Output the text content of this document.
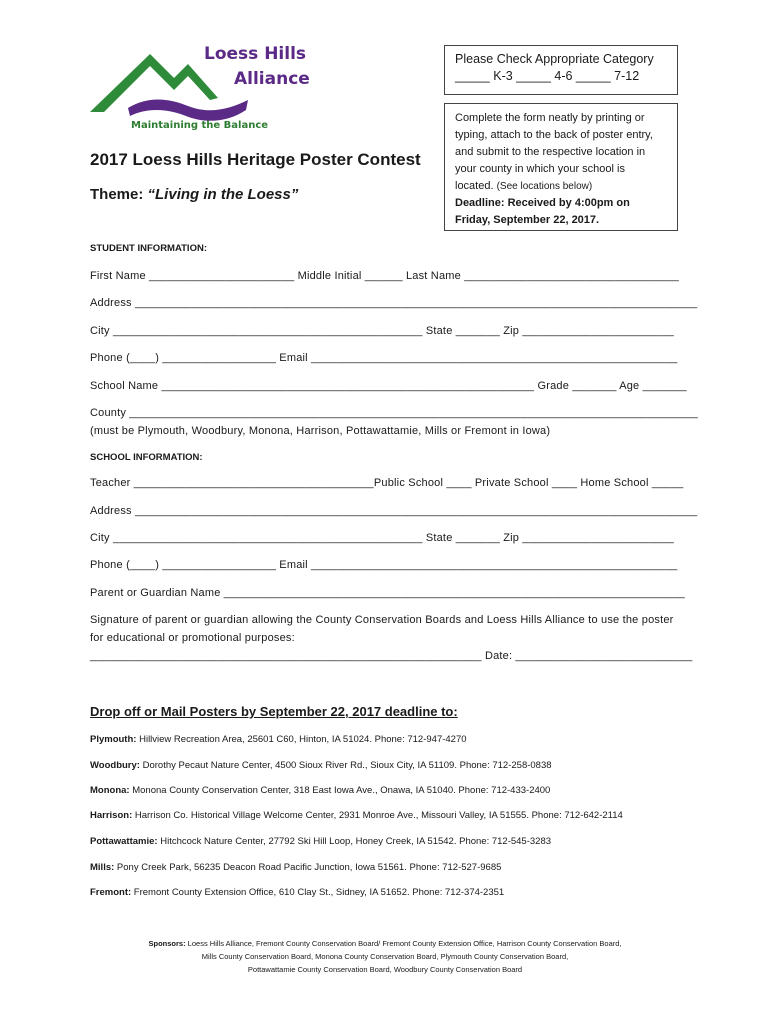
Loess Hills
Alliance
Maintaining the Balance
2017 Loess Hills Heritage Poster Contest
Theme: “Living in the Loess”
Please Check Appropriate Category
_____ K-3 _____ 4-6 _____ 7-12
Complete the form neatly by printing or
typing, attach to the back of poster entry,
and submit to the respective location in
your county in which your school is
located. (See locations below)
Deadline: Received by 4:00pm on
Friday, September 22, 2017.
STUDENT INFORMATION:
First Name _______________________ Middle Initial ______ Last Name __________________________________
Address _________________________________________________________________________________________
City _________________________________________________ State _______ Zip ________________________
Phone (____) __________________ Email __________________________________________________________
School Name ___________________________________________________________ Grade _______ Age _______
County __________________________________________________________________________________________
(must be Plymouth, Woodbury, Monona, Harrison, Pottawattamie, Mills or Fremont in Iowa)
SCHOOL INFORMATION:
Teacher ______________________________________Public School ____ Private School ____ Home School _____
Address _________________________________________________________________________________________
City _________________________________________________ State _______ Zip ________________________
Phone (____) __________________ Email __________________________________________________________
Parent or Guardian Name _________________________________________________________________________
Signature of parent or guardian allowing the County Conservation Boards and Loess Hills Alliance to use the poster
for educational or promotional purposes:
______________________________________________________________ Date: ____________________________
Drop off or Mail Posters by September 22, 2017 deadline to:
Plymouth: Hillview Recreation Area, 25601 C60, Hinton, IA 51024. Phone: 712-947-4270
Woodbury: Dorothy Pecaut Nature Center, 4500 Sioux River Rd., Sioux City, IA 51109. Phone: 712-258-0838
Monona: Monona County Conservation Center, 318 East Iowa Ave., Onawa, IA 51040. Phone: 712-433-2400
Harrison: Harrison Co. Historical Village Welcome Center, 2931 Monroe Ave., Missouri Valley, IA 51555. Phone: 712-642-2114
Pottawattamie: Hitchcock Nature Center, 27792 Ski Hill Loop, Honey Creek, IA 51542. Phone: 712-545-3283
Mills: Pony Creek Park, 56235 Deacon Road Pacific Junction, Iowa 51561. Phone: 712-527-9685
Fremont: Fremont County Extension Office, 610 Clay St., Sidney, IA 51652. Phone: 712-374-2351
Sponsors: Loess Hills Alliance, Fremont County Conservation Board/ Fremont County Extension Office, Harrison County Conservation Board,
Mills County Conservation Board, Monona County Conservation Board, Plymouth County Conservation Board,
Pottawattamie County Conservation Board, Woodbury County Conservation Board
